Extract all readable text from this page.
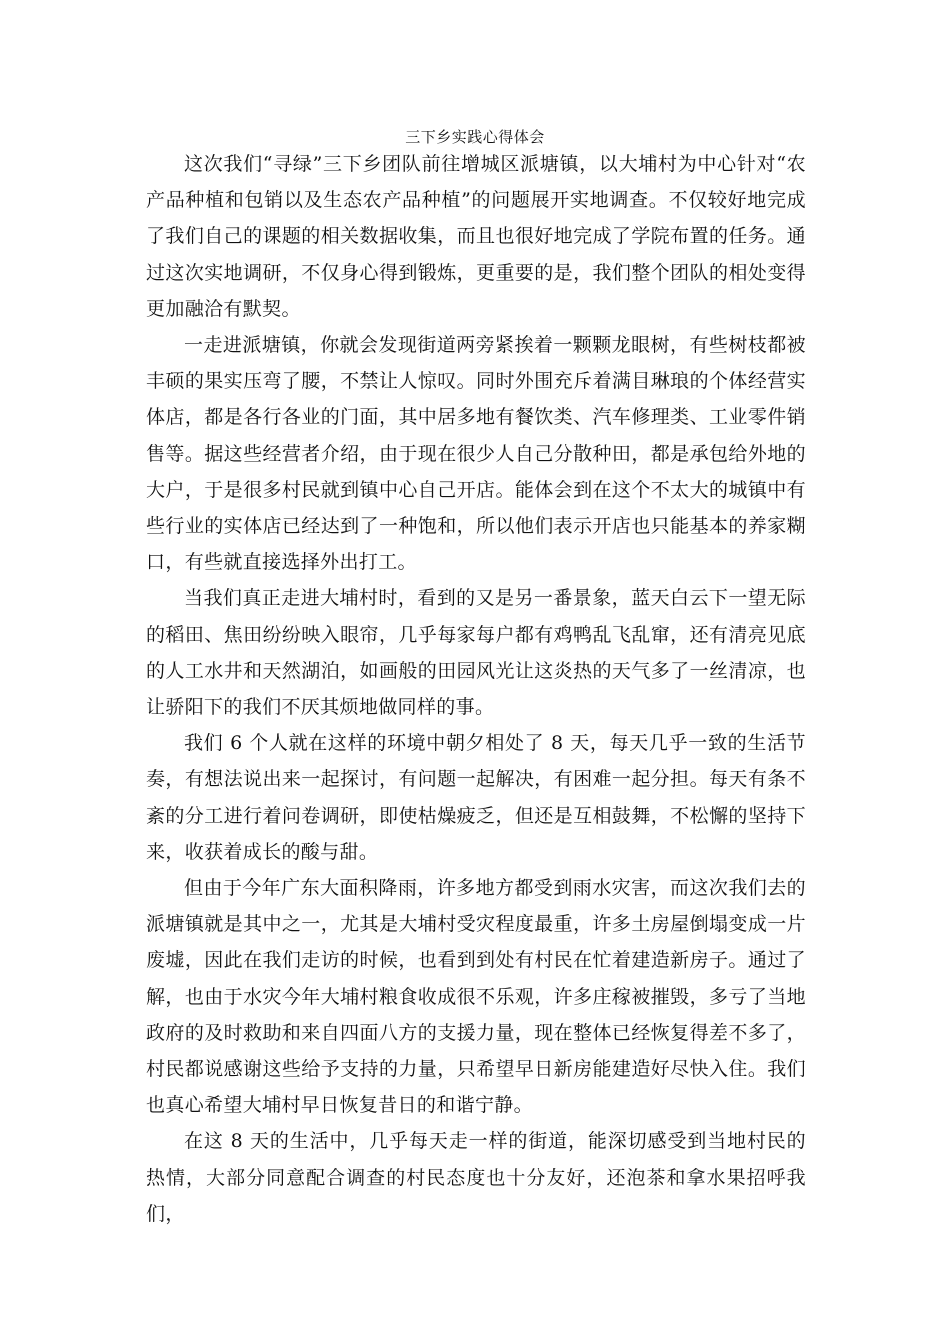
三下乡实践心得体会

这次我们“寻绿”三下乡团队前往增城区派塘镇，以大埔村为中心针对“农产品种植和包销以及生态农产品种植”的问题展开实地调查。不仅较好地完成了我们自己的课题的相关数据收集，而且也很好地完成了学院布置的任务。通过这次实地调研，不仅身心得到锻炼，更重要的是，我们整个团队的相处变得更加融洽有默契。

一走进派塘镇，你就会发现街道两旁紧挨着一颗颗龙眼树，有些树枝都被丰硕的果实压弯了腰，不禁让人惊叹。同时外围充斥着满目琳琅的个体经营实体店，都是各行各业的门面，其中居多地有餐饮类、汽车修理类、工业零件销售等。据这些经营者介绍，由于现在很少人自己分散种田，都是承包给外地的大户，于是很多村民就到镇中心自己开店。能体会到在这个不太大的城镇中有些行业的实体店已经达到了一种饱和，所以他们表示开店也只能基本的养家糊口，有些就直接选择外出打工。

当我们真正走进大埔村时，看到的又是另一番景象，蓝天白云下一望无际的稻田、焦田纷纷映入眼帘，几乎每家每户都有鸡鸭乱飞乱窜，还有清亮见底的人工水井和天然湖泊，如画般的田园风光让这炎热的天气多了一丝清凉，也让骄阳下的我们不厌其烦地做同样的事。

我们 6 个人就在这样的环境中朝夕相处了 8 天，每天几乎一致的生活节奏，有想法说出来一起探讨，有问题一起解决，有困难一起分担。每天有条不紊的分工进行着问卷调研，即使枯燥疲乏，但还是互相鼓舞，不松懈的坚持下来，收获着成长的酸与甜。

但由于今年广东大面积降雨，许多地方都受到雨水灾害，而这次我们去的派塘镇就是其中之一，尤其是大埔村受灾程度最重，许多土房屋倒塌变成一片废墟，因此在我们走访的时候，也看到到处有村民在忙着建造新房子。通过了解，也由于水灾今年大埔村粮食收成很不乐观，许多庄稼被摧毁，多亏了当地政府的及时救助和来自四面八方的支援力量，现在整体已经恢复得差不多了，村民都说感谢这些给予支持的力量，只希望早日新房能建造好尽快入住。我们也真心希望大埔村早日恢复昔日的和谐宁静。

在这 8 天的生活中，几乎每天走一样的街道，能深切感受到当地村民的热情，大部分同意配合调查的村民态度也十分友好，还泡茶和拿水果招呼我们，
